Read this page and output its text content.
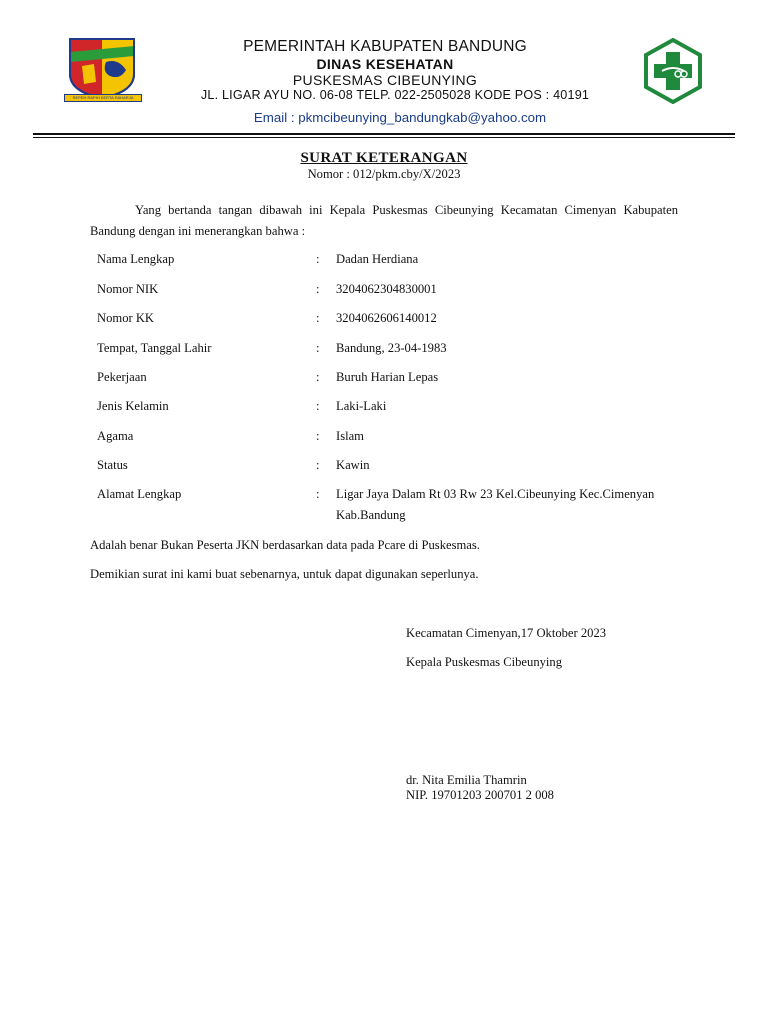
REPEH RAPIH KERTA RAHARJA
PEMERINTAH KABUPATEN BANDUNG
DINAS KESEHATAN
PUSKESMAS CIBEUNYING
JL. LIGAR AYU NO. 06-08 TELP. 022-2505028 KODE POS : 40191
Email : pkmcibeunying_bandungkab@yahoo.com
SURAT KETERANGAN
Nomor : 012/pkm.cby/X/2023
Yang bertanda tangan dibawah ini Kepala Puskesmas Cibeunying Kecamatan Cimenyan Kabupaten Bandung dengan ini menerangkan bahwa :
Nama Lengkap	: Dadan Herdiana
Nomor NIK	: 3204062304830001
Nomor KK	: 3204062606140012
Tempat, Tanggal Lahir	: Bandung, 23-04-1983
Pekerjaan	: Buruh Harian Lepas
Jenis Kelamin	: Laki-Laki
Agama	: Islam
Status	: Kawin
Alamat Lengkap	: Ligar Jaya Dalam Rt 03 Rw 23 Kel.Cibeunying Kec.Cimenyan Kab.Bandung
Adalah benar Bukan Peserta JKN berdasarkan data pada Pcare di Puskesmas.
Demikian surat ini kami buat sebenarnya, untuk dapat digunakan seperlunya.
Kecamatan Cimenyan,17 Oktober 2023
Kepala Puskesmas Cibeunying
dr. Nita Emilia Thamrin
NIP. 19701203 200701 2 008
